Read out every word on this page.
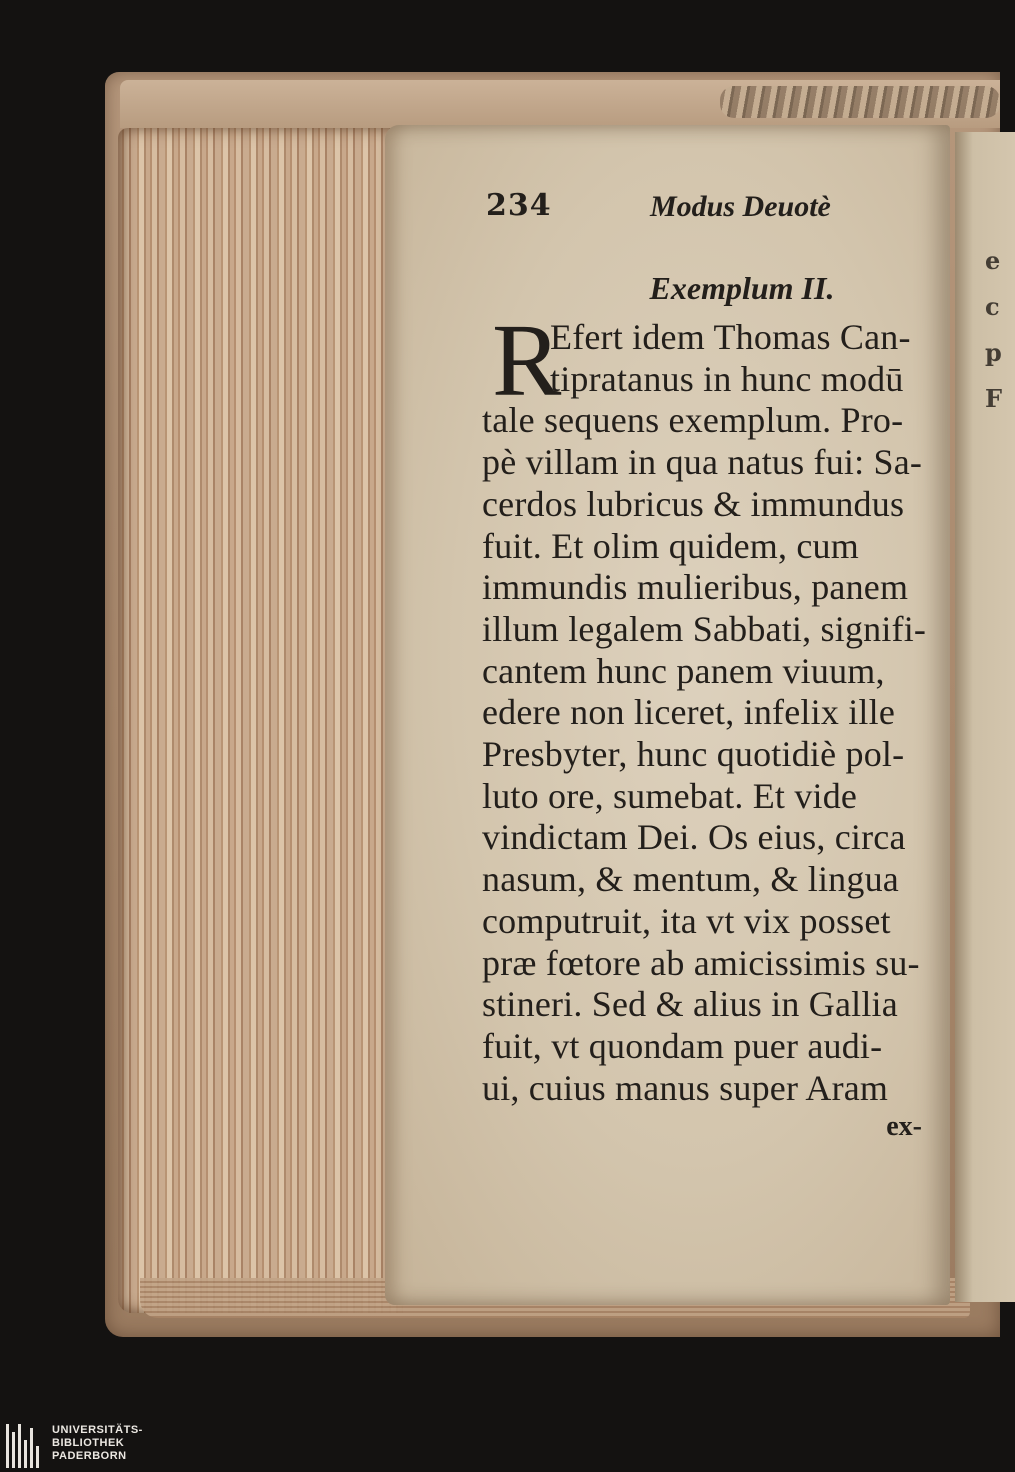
e
c
p
F
234	Modus Deuotè
Exemplum II.
R
Efert idem Thomas Can-
tipratanus in hunc modū
tale sequens exemplum. Pro-
pè villam in qua natus fui: Sa-
cerdos lubricus & immundus
fuit. Et olim quidem, cum
immundis mulieribus, panem
illum legalem Sabbati, signifi-
cantem hunc panem viuum,
edere non liceret, infelix ille
Presbyter, hunc quotidiè pol-
luto ore, sumebat. Et vide
vindictam Dei. Os eius, circa
nasum, & mentum, & lingua
computruit, ita vt vix posset
præ fœtore ab amicissimis su-
stineri. Sed & alius in Gallia
fuit, vt quondam puer audi-
ui, cuius manus super Aram
ex-
UNIVERSITÄTS-
BIBLIOTHEK
PADERBORN
